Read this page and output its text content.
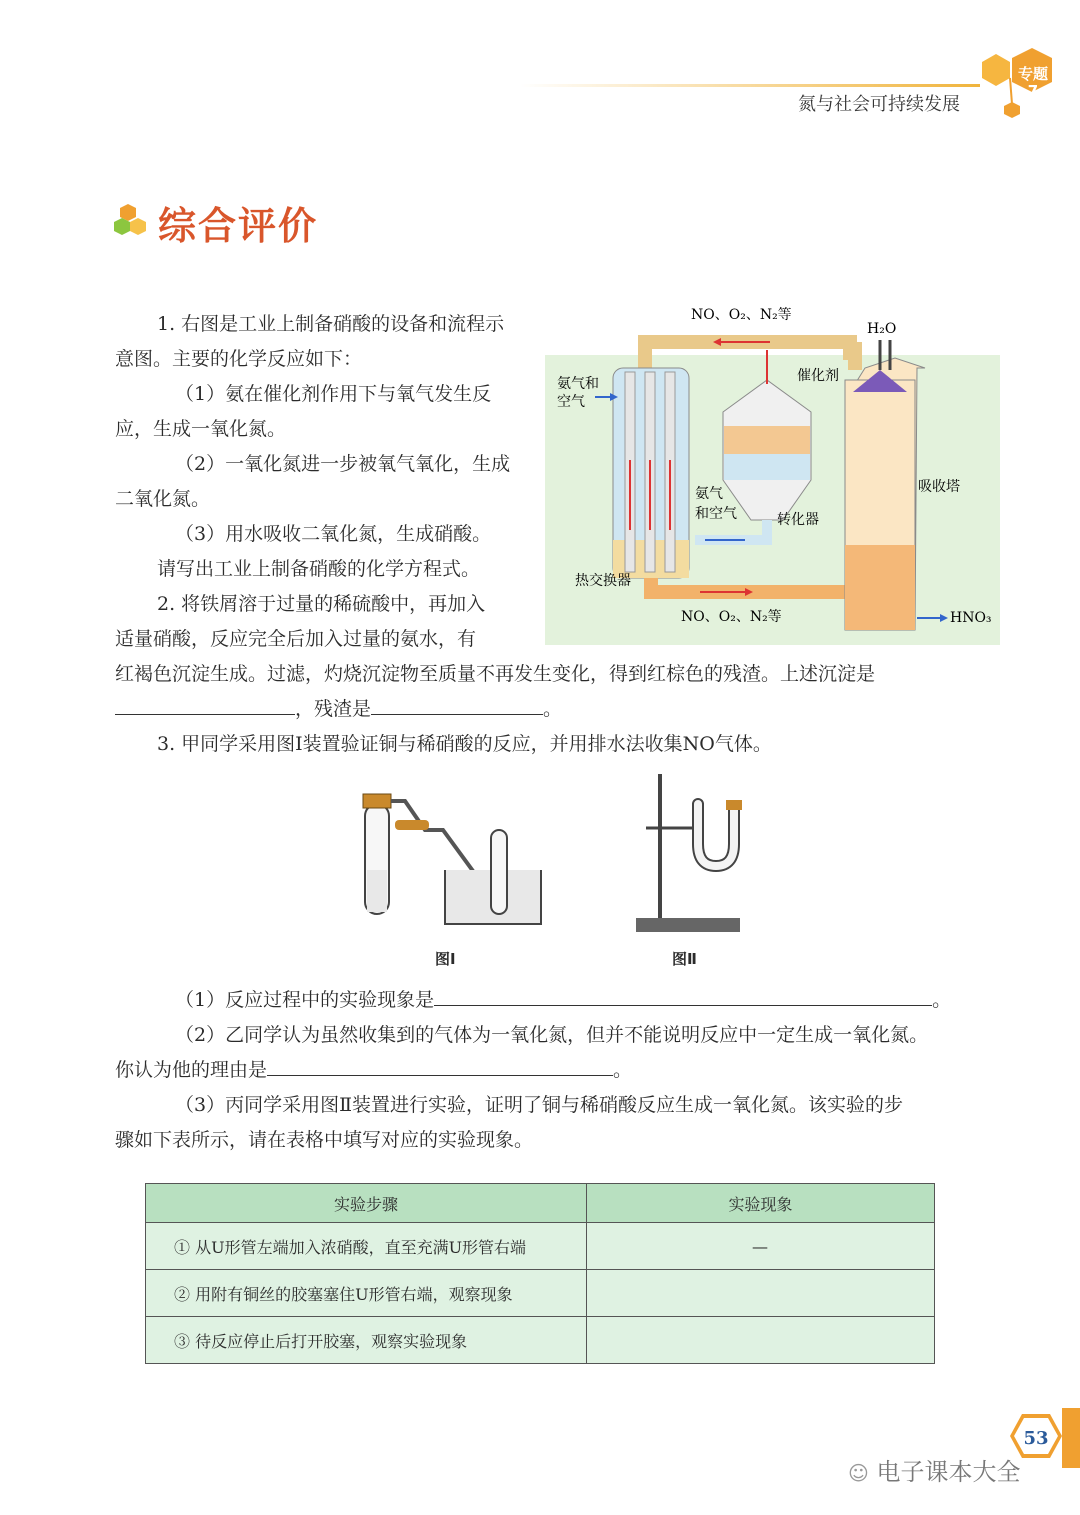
专题
7
氮与社会可持续发展
综合评价
1. 右图是工业上制备硝酸的设备和流程示
意图。主要的化学反应如下：
（1）氨在催化剂作用下与氧气发生反
应，生成一氧化氮。
（2）一氧化氮进一步被氧气氧化，生成
二氧化氮。
（3）用水吸收二氧化氮，生成硝酸。
请写出工业上制备硝酸的化学方程式。
2. 将铁屑溶于过量的稀硫酸中，再加入
适量硝酸，反应完全后加入过量的氨水，有
红褐色沉淀生成。过滤，灼烧沉淀物至质量不再发生变化，得到红棕色的残渣。上述沉淀是
，残渣是	。
3. 甲同学采用图Ⅰ装置验证铜与稀硝酸的反应，并用排水法收集NO气体。
NO、O₂、N₂等
H₂O
氨气和
空气
催化剂
氨气
和空气	转化器
吸收塔
热交换器
NO、O₂、N₂等	HNO₃
图Ⅰ	图Ⅱ
（1）反应过程中的实验现象是	。
（2）乙同学认为虽然收集到的气体为一氧化氮，但并不能说明反应中一定生成一氧化氮。
你认为他的理由是	。
（3）丙同学采用图Ⅱ装置进行实验，证明了铜与稀硝酸反应生成一氧化氮。该实验的步
骤如下表所示，请在表格中填写对应的实验现象。
实验步骤	实验现象
① 从U形管左端加入浓硝酸，直至充满U形管右端	—
② 用附有铜丝的胶塞塞住U形管右端，观察现象	
③ 待反应停止后打开胶塞，观察实验现象	
53
☺ 电子课本大全
